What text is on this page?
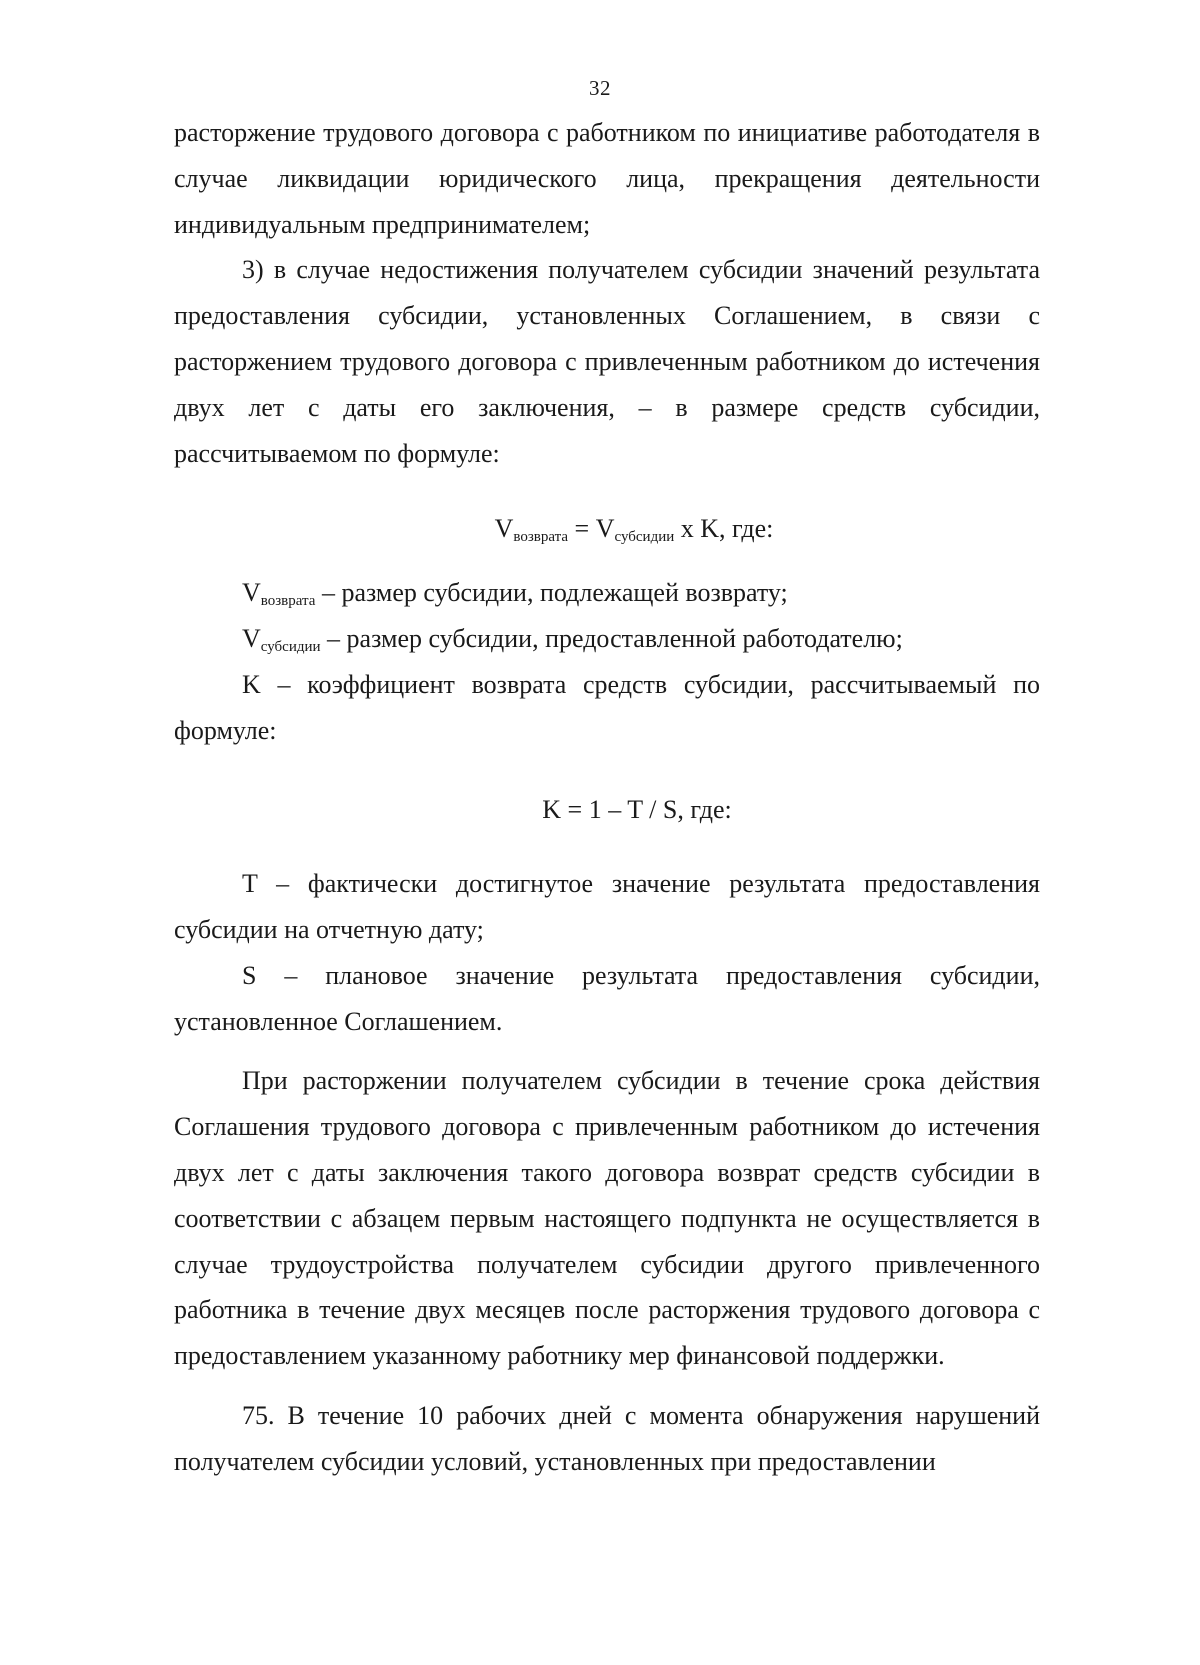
32

расторжение трудового договора с работником по инициативе работодателя в случае ликвидации юридического лица, прекращения деятельности индивидуальным предпринимателем;

3) в случае недостижения получателем субсидии значений результата предоставления субсидии, установленных Соглашением, в связи с расторжением трудового договора с привлеченным работником до истечения двух лет с даты его заключения, – в размере средств субсидии, рассчитываемом по формуле:

$V_{возврата} = V_{субсидии}$ x K, где:

$V_{возврата}$ – размер субсидии, подлежащей возврату;

$V_{субсидии}$ – размер субсидии, предоставленной работодателю;

K – коэффициент возврата средств субсидии, рассчитываемый по формуле:

K = 1 – T / S, где:

T – фактически достигнутое значение результата предоставления субсидии на отчетную дату;

S – плановое значение результата предоставления субсидии, установленное Соглашением.

При расторжении получателем субсидии в течение срока действия Соглашения трудового договора с привлеченным работником до истечения двух лет с даты заключения такого договора возврат средств субсидии в соответствии с абзацем первым настоящего подпункта не осуществляется в случае трудоустройства получателем субсидии другого привлеченного работника в течение двух месяцев после расторжения трудового договора с предоставлением указанному работнику мер финансовой поддержки.

75. В течение 10 рабочих дней с момента обнаружения нарушений получателем субсидии условий, установленных при предоставлении
